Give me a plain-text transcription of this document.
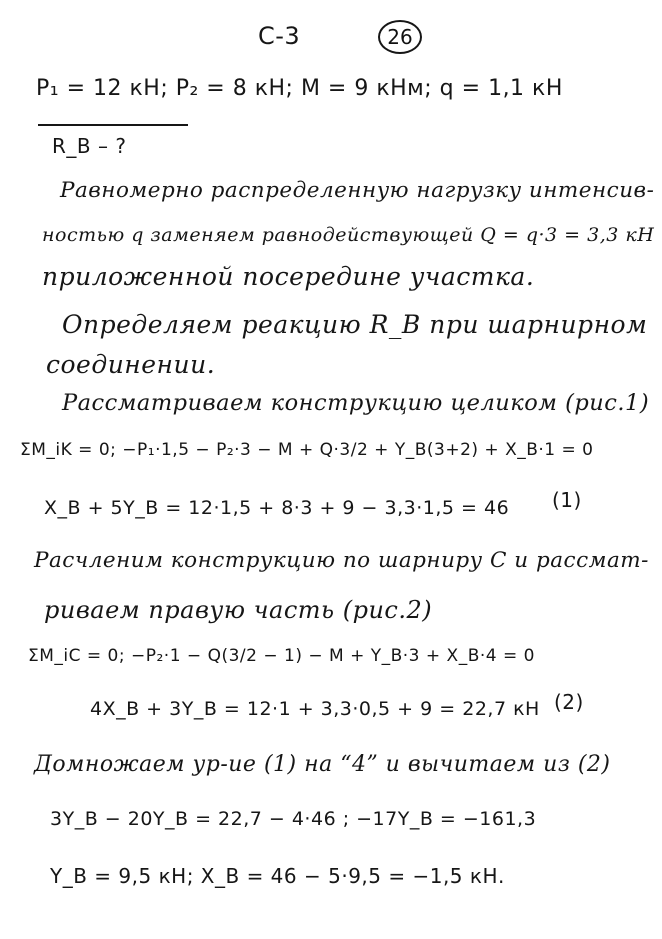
С-3	26
P₁ = 12 кН; P₂ = 8 кН; M = 9 кНм; q = 1,1 кН
R_B – ?
Равномерно распределенную нагрузку интенсив-
ностью q заменяем равнодействующей Q = q·3 = 3,3 кН
приложенной посередине участка.
Определяем реакцию R_B при шарнирном
соединении.
Рассматриваем конструкцию целиком (рис.1)
ΣM_iK = 0; −P₁·1,5 − P₂·3 − M + Q·3/2 + Y_B(3+2) + X_B·1 = 0
X_B + 5Y_B = 12·1,5 + 8·3 + 9 − 3,3·1,5 = 46 (1)
Расчленим конструкцию по шарниру C и рассмат-
риваем правую часть (рис.2)
ΣM_iC = 0; −P₂·1 − Q(3/2 − 1) − M + Y_B·3 + X_B·4 = 0
4X_B + 3Y_B = 12·1 + 3,3·0,5 + 9 = 22,7 кН (2)
Домножаем ур-ие (1) на “4” и вычитаем из (2)
3Y_B − 20Y_B = 22,7 − 4·46 ; −17Y_B = −161,3
Y_B = 9,5 кН; X_B = 46 − 5·9,5 = −1,5 кН.
